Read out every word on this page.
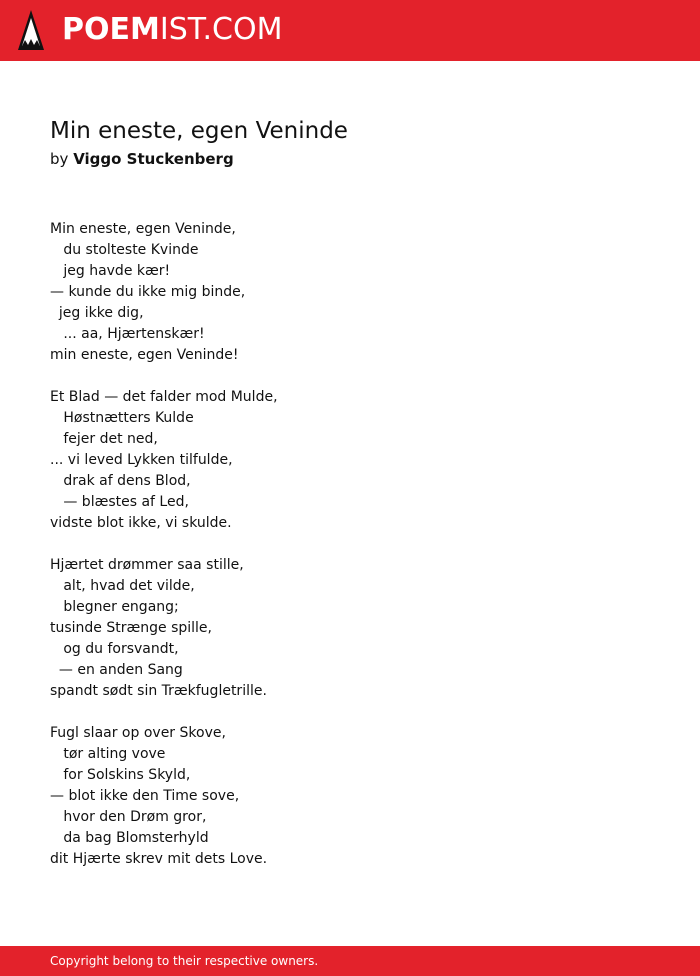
POEMIST.COM
Min eneste, egen Veninde
by Viggo Stuckenberg
Min eneste, egen Veninde,
du stolteste Kvinde
jeg havde kær!
— kunde du ikke mig binde,
jeg ikke dig,
... aa, Hjærtenskær!
min eneste, egen Veninde!
Et Blad — det falder mod Mulde,
Høstnætters Kulde
fejer det ned,
... vi leved Lykken tilfulde,
drak af dens Blod,
— blæstes af Led,
vidste blot ikke, vi skulde.
Hjærtet drømmer saa stille,
alt, hvad det vilde,
blegner engang;
tusinde Strænge spille,
og du forsvandt,
— en anden Sang
spandt sødt sin Trækfugletrille.
Fugl slaar op over Skove,
tør alting vove
for Solskins Skyld,
— blot ikke den Time sove,
hvor den Drøm gror,
da bag Blomsterhyld
dit Hjærte skrev mit dets Love.
Copyright belong to their respective owners.
